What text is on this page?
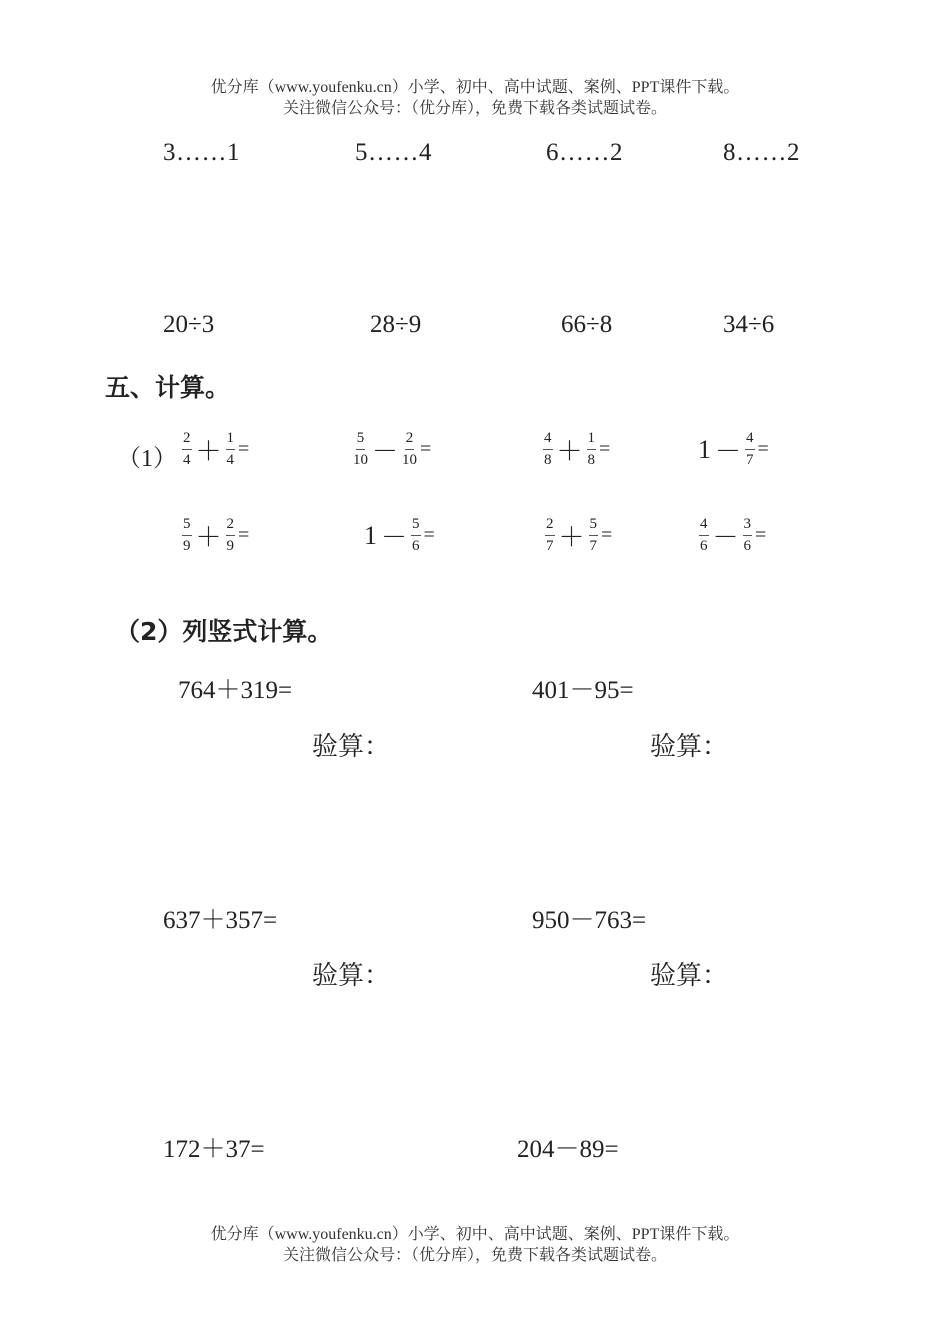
优分库（www.youfenku.cn）小学、初中、高中试题、案例、PPT课件下载。
关注微信公众号：（优分库），免费下载各类试题试卷。
3……1	5……4	6……2	8……2
20÷3	28÷9	66÷8	34÷6
五、计算。
$(1) \frac{2}{4} + \frac{1}{4}$ =	$\frac{5}{10} - \frac{2}{10}$ =	$\frac{4}{8} + \frac{1}{8}$ =	$1 - \frac{4}{7}$ =
$\frac{5}{9} + \frac{2}{9}$ =	$1 - \frac{5}{6}$ =	$\frac{2}{7} + \frac{5}{7}$ =	$\frac{4}{6} - \frac{3}{6}$ =
（2）列竖式计算。
764＋319=	401－95=
验算：	验算：
637＋357=	950－763=
验算：	验算：
172＋37=	204－89=
优分库（www.youfenku.cn）小学、初中、高中试题、案例、PPT课件下载。
关注微信公众号：（优分库），免费下载各类试题试卷。
